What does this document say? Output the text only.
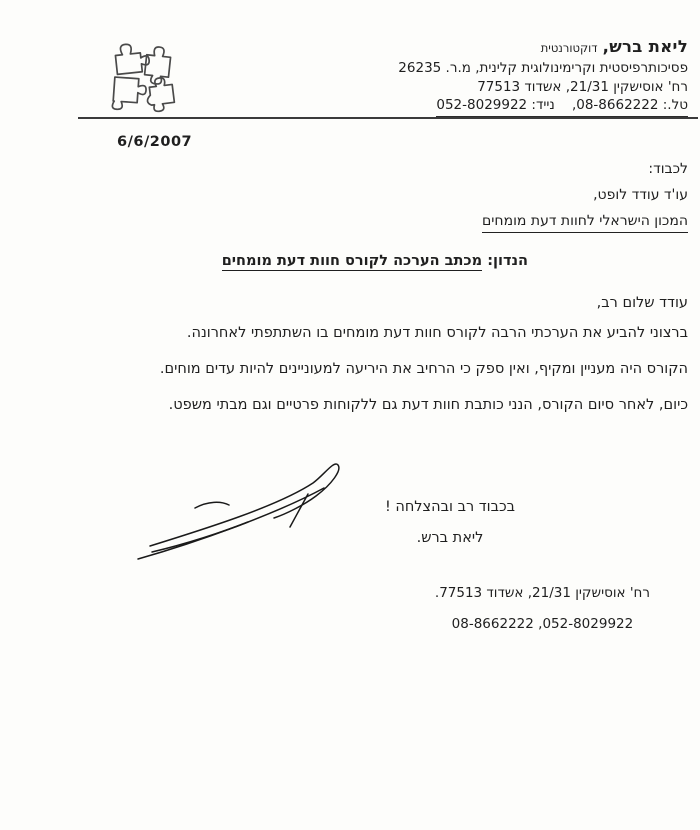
ליאת ברש, דוקטורנטית
פסיכותרפיסטית וקרימינולוגית קלינית, מ.ר. 26235
רח' אוסישקין 21/31, אשדוד 77513
טל.: 08-8662222,    נייד: 052-8029922
6/6/2007
לכבוד:
עו'ד עודד לופט,
המכון הישראלי לחוות דעת מומחים
הנדון: מכתב הערכה לקורס חוות דעת מומחים
עודד שלום רב,

ברצוני להביע את הערכתי הרבה לקורס חוות דעת מומחים בו השתתפתי לאחרונה.

הקורס היה מעניין ומקיף, ואין ספק כי הרחיב את היריעה למעוניינים להיות עדים מוחים.

כיום, לאחר סיום הקורס, הנני כותבת חוות דעת גם ללקוחות פרטיים וגם מבתי משפט.

בכבוד רב ובהצלחה !
ליאת ברש.
רח' אוסישקין 21/31, אשדוד 77513.
052-8029922, 08-8662222
